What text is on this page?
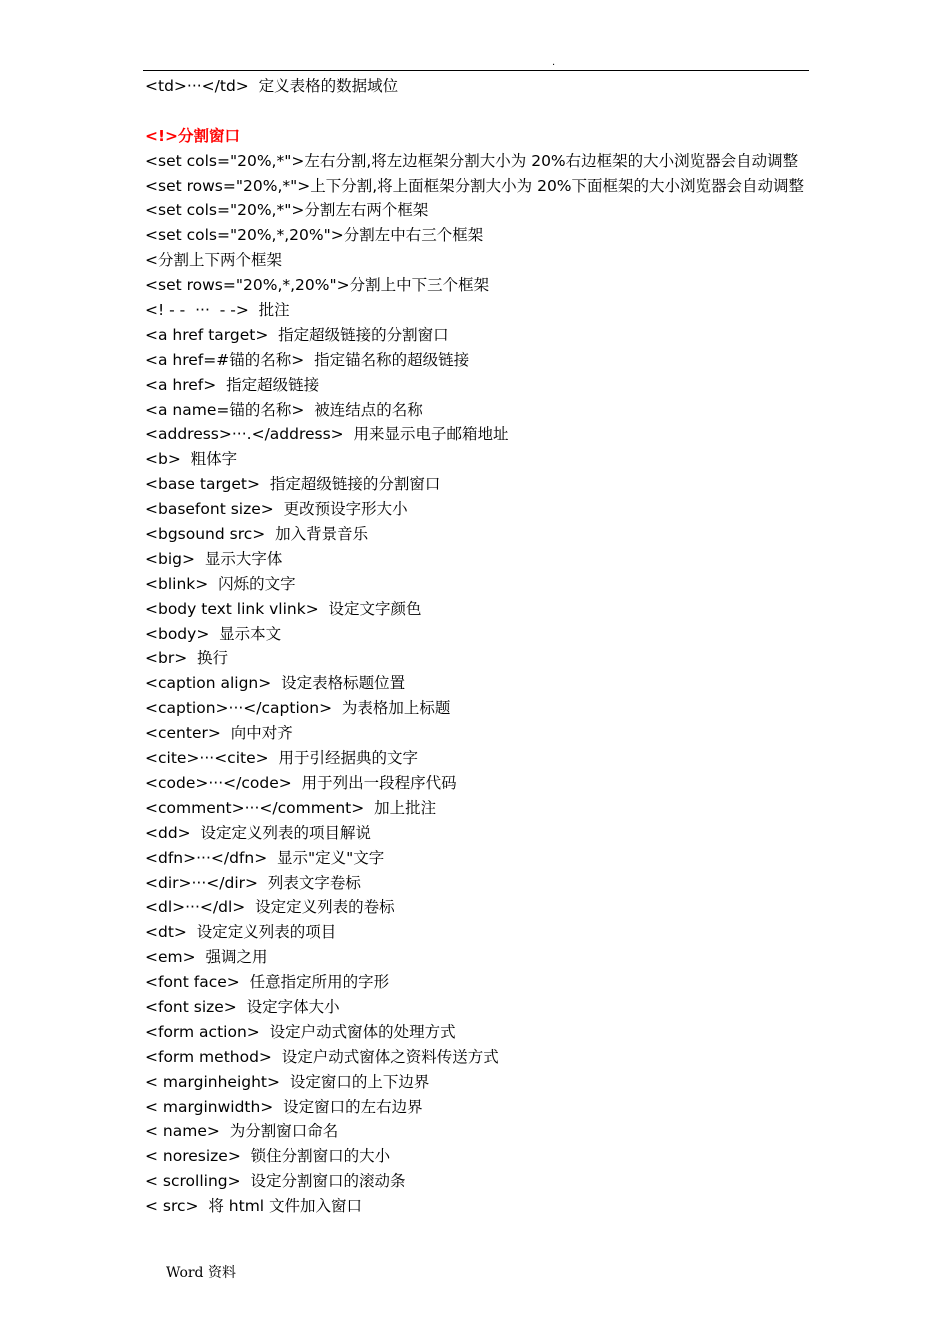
.
<td>···</td>  定义表格的数据域位
<!>分割窗口
<set cols="20%,*">左右分割,将左边框架分割大小为 20%右边框架的大小浏览器会自动调整
<set rows="20%,*">上下分割,将上面框架分割大小为 20%下面框架的大小浏览器会自动调整
<set cols="20%,*">分割左右两个框架
<set cols="20%,*,20%">分割左中右三个框架
<分割上下两个框架
<set rows="20%,*,20%">分割上中下三个框架
<! - -  ···  - ->  批注
<a href target>  指定超级链接的分割窗口
<a href=#锚的名称>  指定锚名称的超级链接
<a href>  指定超级链接
<a name=锚的名称>  被连结点的名称
<address>···.</address>  用来显示电子邮箱地址
<b>  粗体字
<base target>  指定超级链接的分割窗口
<basefont size>  更改预设字形大小
<bgsound src>  加入背景音乐
<big>  显示大字体
<blink>  闪烁的文字
<body text link vlink>  设定文字颜色
<body>  显示本文
<br>  换行
<caption align>  设定表格标题位置
<caption>···</caption>  为表格加上标题
<center>  向中对齐
<cite>···<cite>  用于引经据典的文字
<code>···</code>  用于列出一段程序代码
<comment>···</comment>  加上批注
<dd>  设定定义列表的项目解说
<dfn>···</dfn>  显示"定义"文字
<dir>···</dir>  列表文字卷标
<dl>···</dl>  设定定义列表的卷标
<dt>  设定定义列表的项目
<em>  强调之用
<font face>  任意指定所用的字形
<font size>  设定字体大小
<form action>  设定户动式窗体的处理方式
<form method>  设定户动式窗体之资料传送方式
< marginheight>  设定窗口的上下边界
< marginwidth>  设定窗口的左右边界
< name>  为分割窗口命名
< noresize>  锁住分割窗口的大小
< scrolling>  设定分割窗口的滚动条
< src>  将 html 文件加入窗口
Word 资料
